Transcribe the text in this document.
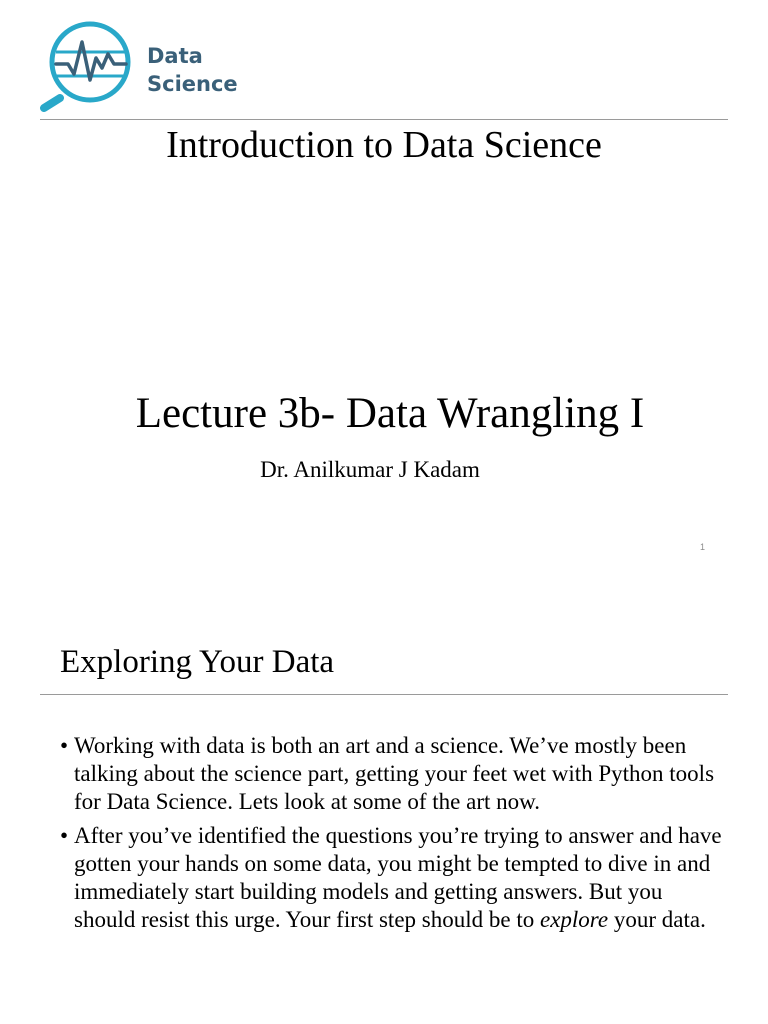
Data
Science
Introduction to Data Science
Lecture 3b- Data Wrangling I
Dr. Anilkumar J Kadam
1
Exploring Your Data
• Working with data is both an art and a science. We’ve mostly been talking about the science part, getting your feet wet with Python tools for Data Science. Lets look at some of the art now.
• After you’ve identified the questions you’re trying to answer and have gotten your hands on some data, you might be tempted to dive in and immediately start building models and getting answers. But you should resist this urge. Your first step should be to explore your data.
